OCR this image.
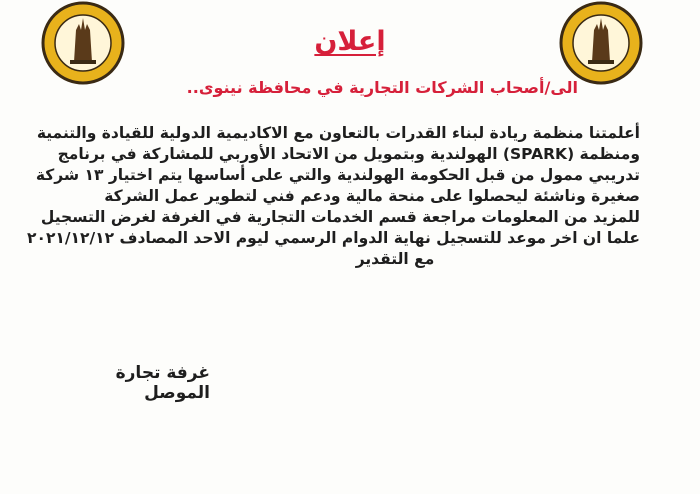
إعلان
الى/أصحاب الشركات التجارية في محافظة نينوى..
أعلمتنا منظمة ريادة لبناء القدرات بالتعاون مع الاكاديمية الدولية للقيادة والتنمية
ومنظمة (SPARK) الهولندية وبتمويل من الاتحاد الأوربي للمشاركة في برنامج
تدريبي ممول من قبل الحكومة الهولندية والتي على أساسها يتم اختيار ١٣ شركة
صغيرة وناشئة ليحصلوا على منحة مالية ودعم فني لتطوير عمل الشركة
للمزيد من المعلومات مراجعة قسم الخدمات التجارية في الغرفة لغرض التسجيل
علما ان اخر موعد للتسجيل نهاية الدوام الرسمي ليوم الاحد المصادف ٢٠٢١/١٢/١٢
مع التقدير
غرفة تجارة الموصل
